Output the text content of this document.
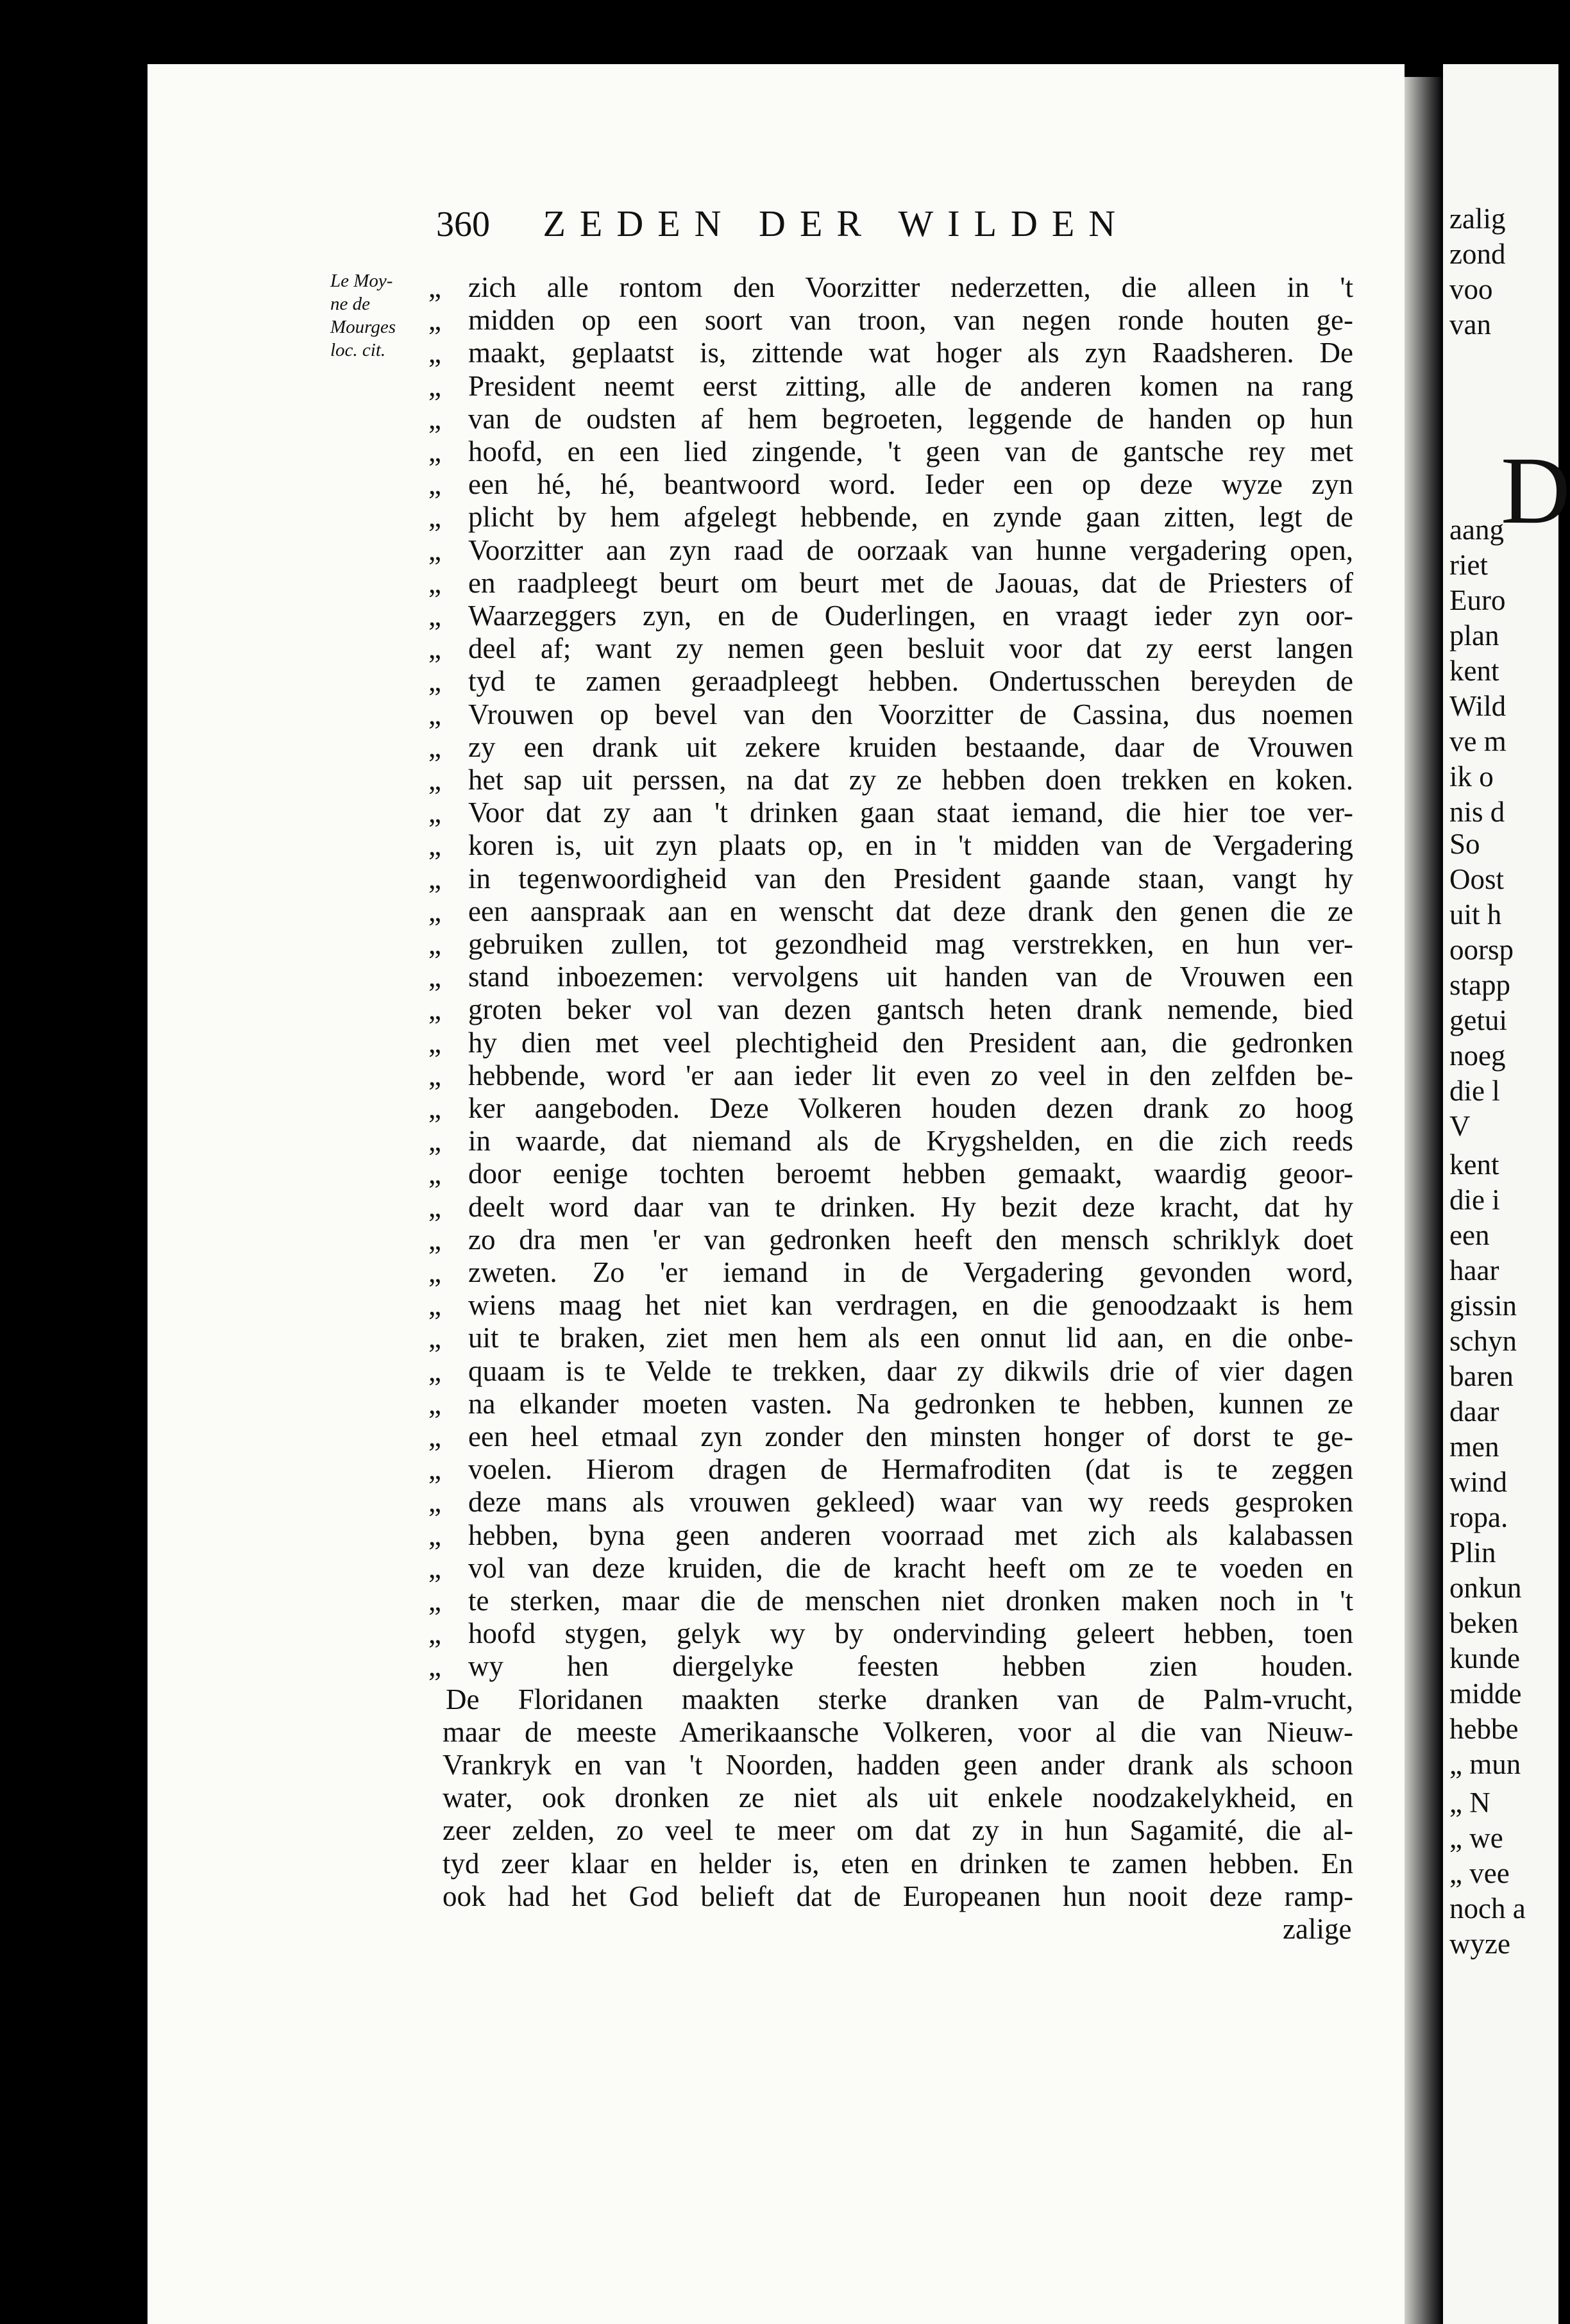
zalig
zond
voo
van
D
aang
riet
Euro
plan
kent
Wild
ve m
ik o
nis d
So
Oost
uit h
oorsp
stapp
getui
noeg
die l
V
kent
die i
een
haar
gissin
schyn
baren
daar
men
wind
ropa.
Plin
onkun
beken
kunde
midde
hebbe
„ mun
„ N
„ we
„ vee
noch a
wyze
360 ZEDEN DER WILDEN
Le Moy-
ne de
Mourges
loc. cit.
„ zich alle rontom den Voorzitter nederzetten, die alleen in 't
„ midden op een soort van troon, van negen ronde houten ge-
„ maakt, geplaatst is, zittende wat hoger als zyn Raadsheren. De
„ President neemt eerst zitting, alle de anderen komen na rang
„ van de oudsten af hem begroeten, leggende de handen op hun
„ hoofd, en een lied zingende, 't geen van de gantsche rey met
„ een hé, hé, beantwoord word. Ieder een op deze wyze zyn
„ plicht by hem afgelegt hebbende, en zynde gaan zitten, legt de
„ Voorzitter aan zyn raad de oorzaak van hunne vergadering open,
„ en raadpleegt beurt om beurt met de Jaouas, dat de Priesters of
„ Waarzeggers zyn, en de Ouderlingen, en vraagt ieder zyn oor-
„ deel af; want zy nemen geen besluit voor dat zy eerst langen
„ tyd te zamen geraadpleegt hebben. Ondertusschen bereyden de
„ Vrouwen op bevel van den Voorzitter de Cassina, dus noemen
„ zy een drank uit zekere kruiden bestaande, daar de Vrouwen
„ het sap uit perssen, na dat zy ze hebben doen trekken en koken.
„ Voor dat zy aan 't drinken gaan staat iemand, die hier toe ver-
„ koren is, uit zyn plaats op, en in 't midden van de Vergadering
„ in tegenwoordigheid van den President gaande staan, vangt hy
„ een aanspraak aan en wenscht dat deze drank den genen die ze
„ gebruiken zullen, tot gezondheid mag verstrekken, en hun ver-
„ stand inboezemen: vervolgens uit handen van de Vrouwen een
„ groten beker vol van dezen gantsch heten drank nemende, bied
„ hy dien met veel plechtigheid den President aan, die gedronken
„ hebbende, word 'er aan ieder lit even zo veel in den zelfden be-
„ ker aangeboden. Deze Volkeren houden dezen drank zo hoog
„ in waarde, dat niemand als de Krygshelden, en die zich reeds
„ door eenige tochten beroemt hebben gemaakt, waardig geoor-
„ deelt word daar van te drinken. Hy bezit deze kracht, dat hy
„ zo dra men 'er van gedronken heeft den mensch schriklyk doet
„ zweten. Zo 'er iemand in de Vergadering gevonden word,
„ wiens maag het niet kan verdragen, en die genoodzaakt is hem
„ uit te braken, ziet men hem als een onnut lid aan, en die onbe-
„ quaam is te Velde te trekken, daar zy dikwils drie of vier dagen
„ na elkander moeten vasten. Na gedronken te hebben, kunnen ze
„ een heel etmaal zyn zonder den minsten honger of dorst te ge-
„ voelen. Hierom dragen de Hermafroditen (dat is te zeggen
„ deze mans als vrouwen gekleed) waar van wy reeds gesproken
„ hebben, byna geen anderen voorraad met zich als kalabassen
„ vol van deze kruiden, die de kracht heeft om ze te voeden en
„ te sterken, maar die de menschen niet dronken maken noch in 't
„ hoofd stygen, gelyk wy by ondervinding geleert hebben, toen
„ wy hen diergelyke feesten hebben zien houden.
De Floridanen maakten sterke dranken van de Palm-vrucht,
maar de meeste Amerikaansche Volkeren, voor al die van Nieuw-
Vrankryk en van 't Noorden, hadden geen ander drank als schoon
water, ook dronken ze niet als uit enkele noodzakelykheid, en
zeer zelden, zo veel te meer om dat zy in hun Sagamité, die al-
tyd zeer klaar en helder is, eten en drinken te zamen hebben. En
ook had het God belieft dat de Europeanen hun nooit deze ramp-
zalige
